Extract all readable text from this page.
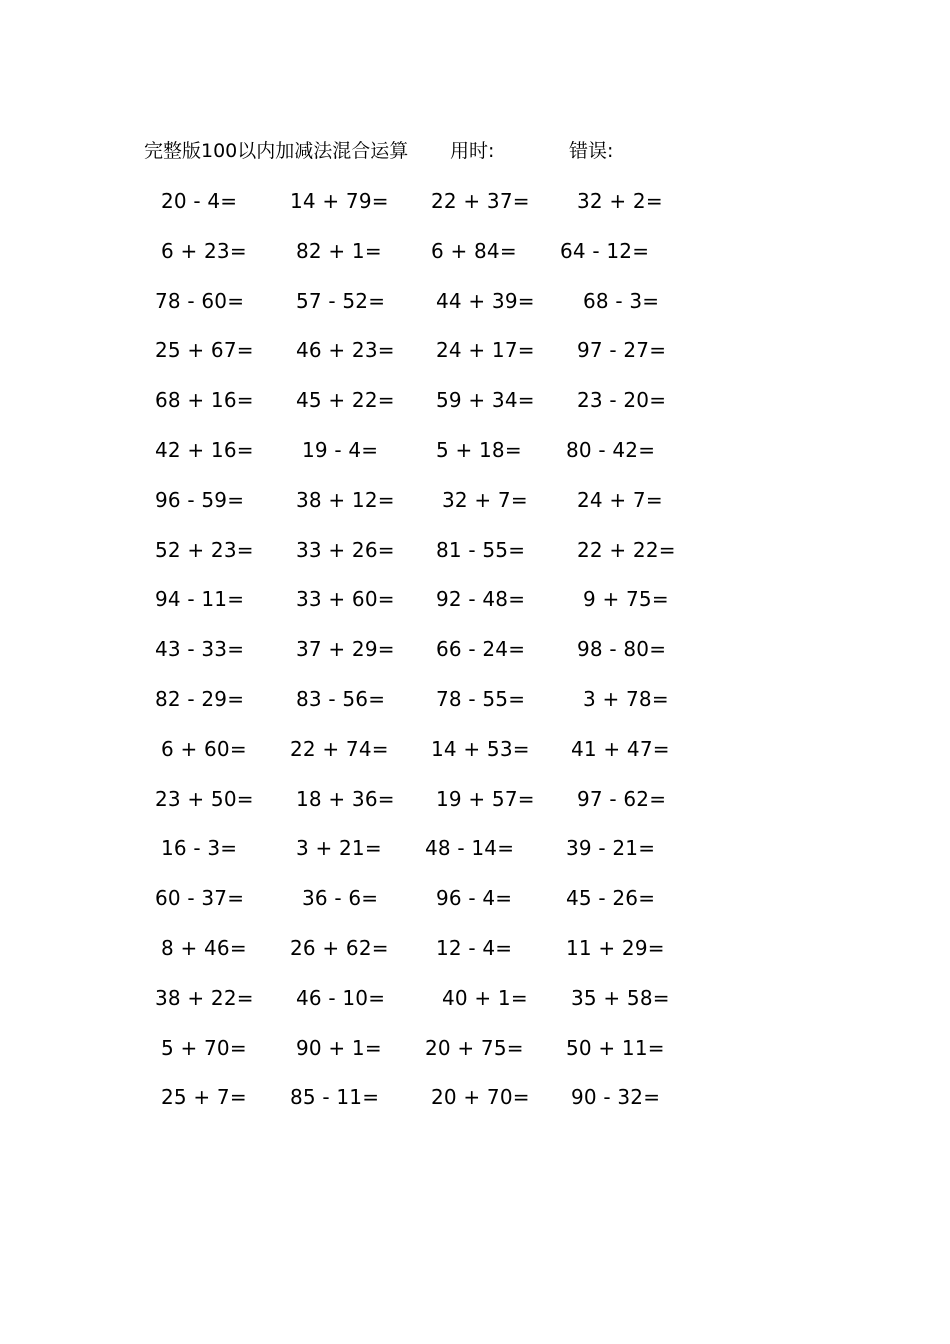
完整版100以内加减法混合运算 用时:	错误:
20 - 4=	14 + 79= 22 + 37= 32 + 2=
6 + 23= 82 + 1= 6 + 84= 64 - 12=
78 - 60=	57 - 52=	44 + 39= 68 - 3=
25 + 67= 46 + 23= 24 + 17= 97 - 27=
68 + 16= 45 + 22= 59 + 34= 23 - 20=
42 + 16= 19 - 4=	5 + 18= 80 - 42=
96 - 59=	38 + 12= 32 + 7= 24 + 7=
52 + 23= 33 + 26= 81 - 55=	22 + 22=
94 - 11=	33 + 60= 92 - 48=	9 + 75=
43 - 33=	37 + 29= 66 - 24=	98 - 80=
82 - 29=	83 - 56=	78 - 55=	3 + 78=
6 + 60= 22 + 74= 14 + 53= 41 + 47=
23 + 50= 18 + 36= 19 + 57= 97 - 62=
16 - 3=	3 + 21= 48 - 14=	39 - 21=
60 - 37=	36 - 6=	96 - 4=	45 - 26=
8 + 46= 26 + 62= 12 - 4=	11 + 29=
38 + 22= 46 - 10=	40 + 1= 35 + 58=
5 + 70= 90 + 1= 20 + 75= 50 + 11=
25 + 7= 85 - 11=	20 + 70= 90 - 32=
